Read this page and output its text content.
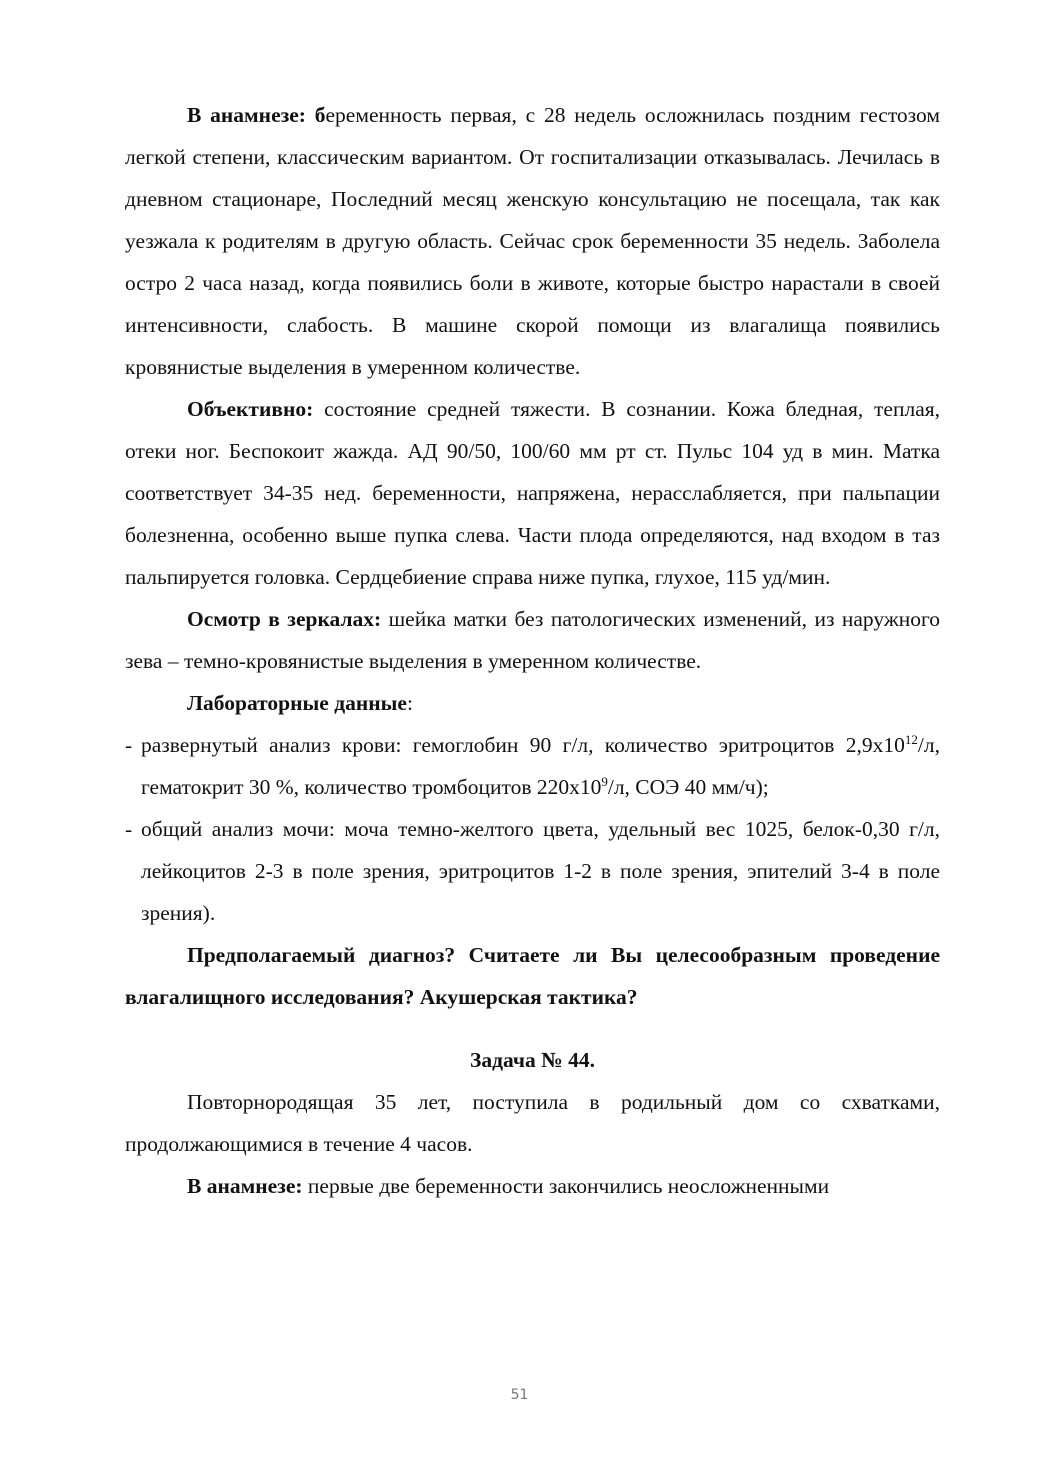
В анамнезе: беременность первая, с 28 недель осложнилась поздним гестозом легкой степени, классическим вариантом. От госпитализации отказывалась. Лечилась в дневном стационаре, Последний месяц женскую консультацию не посещала, так как уезжала к родителям в другую область. Сейчас срок беременности 35 недель. Заболела остро 2 часа назад, когда появились боли в животе, которые быстро нарастали в своей интенсивности, слабость. В машине скорой помощи из влагалища появились кровянистые выделения в умеренном количестве.

Объективно: состояние средней тяжести. В сознании. Кожа бледная, теплая, отеки ног. Беспокоит жажда. АД 90/50, 100/60 мм рт ст. Пульс 104 уд в мин. Матка соответствует 34-35 нед. беременности, напряжена, нерасслабляется, при пальпации болезненна, особенно выше пупка слева. Части плода определяются, над входом в таз пальпируется головка. Сердцебиение справа ниже пупка, глухое, 115 уд/мин.

Осмотр в зеркалах: шейка матки без патологических изменений, из наружного зева – темно-кровянистые выделения в умеренном количестве.

Лабораторные данные:

- развернутый анализ крови: гемоглобин 90 г/л, количество эритроцитов $2,9х10^{12}/л$, гематокрит 30 %, количество тромбоцитов $220х10^9/л$, СОЭ 40 мм/ч);
- общий анализ мочи: моча темно-желтого цвета, удельный вес 1025, белок-0,30 г/л, лейкоцитов 2-3 в поле зрения, эритроцитов 1-2 в поле зрения, эпителий 3-4 в поле зрения).

Предполагаемый диагноз? Считаете ли Вы целесообразным проведение влагалищного исследования? Акушерская тактика?

Задача № 44.

Повторнородящая 35 лет, поступила в родильный дом со схватками, продолжающимися в течение 4 часов.

В анамнезе: первые две беременности закончились неосложненными

51
